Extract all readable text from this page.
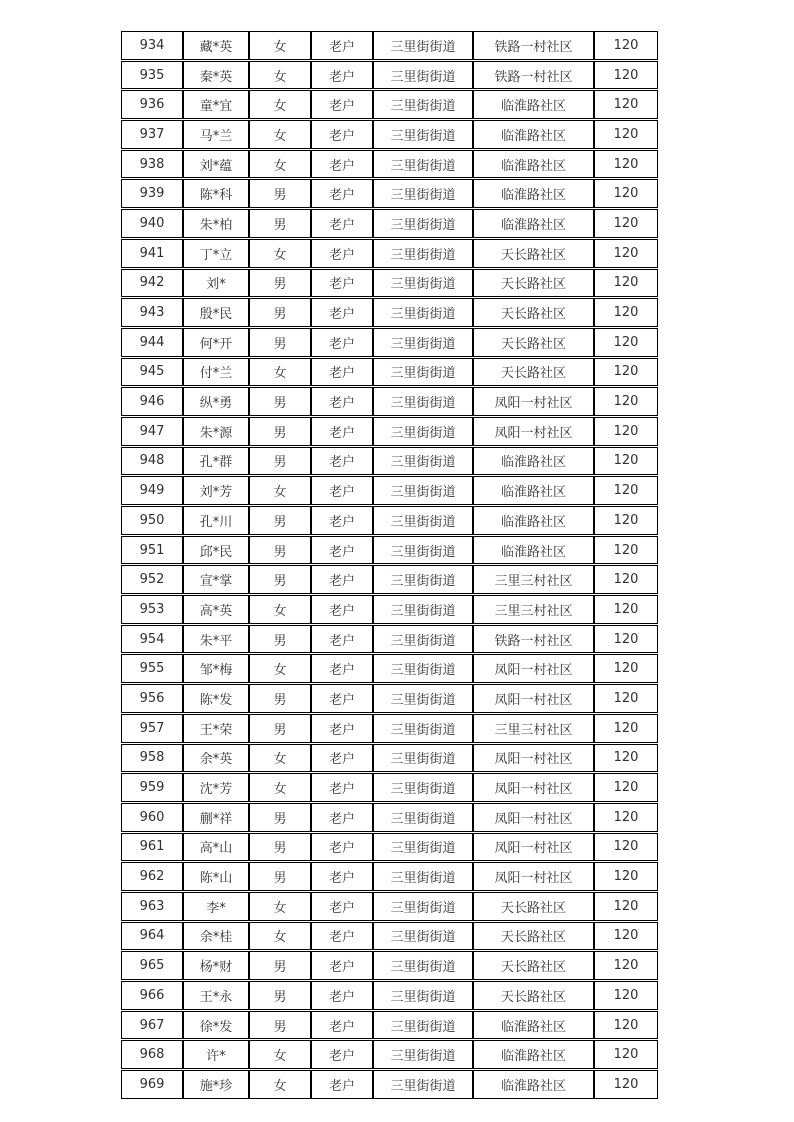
934	藏*英	女	老户	三里街街道	铁路一村社区	120
935	秦*英	女	老户	三里街街道	铁路一村社区	120
936	童*宜	女	老户	三里街街道	临淮路社区	120
937	马*兰	女	老户	三里街街道	临淮路社区	120
938	刘*蕴	女	老户	三里街街道	临淮路社区	120
939	陈*科	男	老户	三里街街道	临淮路社区	120
940	朱*柏	男	老户	三里街街道	临淮路社区	120
941	丁*立	女	老户	三里街街道	天长路社区	120
942	刘*	男	老户	三里街街道	天长路社区	120
943	殷*民	男	老户	三里街街道	天长路社区	120
944	何*开	男	老户	三里街街道	天长路社区	120
945	付*兰	女	老户	三里街街道	天长路社区	120
946	纵*勇	男	老户	三里街街道	凤阳一村社区	120
947	朱*源	男	老户	三里街街道	凤阳一村社区	120
948	孔*群	男	老户	三里街街道	临淮路社区	120
949	刘*芳	女	老户	三里街街道	临淮路社区	120
950	孔*川	男	老户	三里街街道	临淮路社区	120
951	邱*民	男	老户	三里街街道	临淮路社区	120
952	宣*掌	男	老户	三里街街道	三里三村社区	120
953	高*英	女	老户	三里街街道	三里三村社区	120
954	朱*平	男	老户	三里街街道	铁路一村社区	120
955	邹*梅	女	老户	三里街街道	凤阳一村社区	120
956	陈*发	男	老户	三里街街道	凤阳一村社区	120
957	王*荣	男	老户	三里街街道	三里三村社区	120
958	余*英	女	老户	三里街街道	凤阳一村社区	120
959	沈*芳	女	老户	三里街街道	凤阳一村社区	120
960	蒯*祥	男	老户	三里街街道	凤阳一村社区	120
961	高*山	男	老户	三里街街道	凤阳一村社区	120
962	陈*山	男	老户	三里街街道	凤阳一村社区	120
963	李*	女	老户	三里街街道	天长路社区	120
964	余*桂	女	老户	三里街街道	天长路社区	120
965	杨*财	男	老户	三里街街道	天长路社区	120
966	王*永	男	老户	三里街街道	天长路社区	120
967	徐*发	男	老户	三里街街道	临淮路社区	120
968	许*	女	老户	三里街街道	临淮路社区	120
969	施*珍	女	老户	三里街街道	临淮路社区	120
